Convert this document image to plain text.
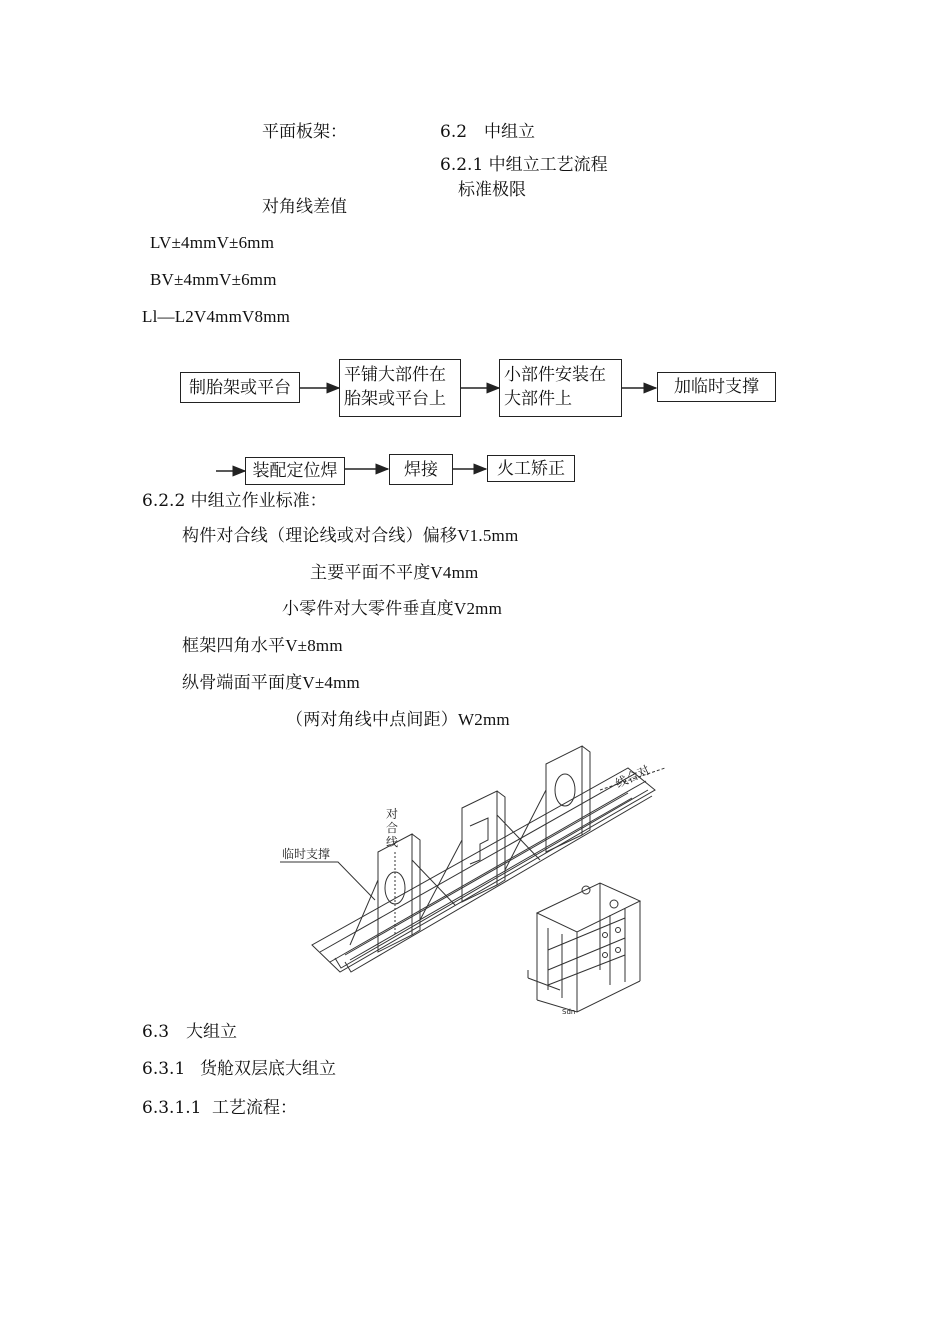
平面板架：	6.2 中组立
6.2.1 中组立工艺流程
标准极限
对角线差值
LV±4mmV±6mm
BV±4mmV±6mm
Ll—L2V4mmV8mm
制胎架或平台
平铺大部件在
胎架或平台上
小部件安装在
大部件上
加临时支撑
装配定位焊	焊接	火工矫正
6.2.2 中组立作业标准：
构件对合线（理论线或对合线）偏移V1.5mm
主要平面不平度V4mm
小零件对大零件垂直度V2mm
框架四角水平V±8mm
纵骨端面平面度V±4mm
（两对角线中点间距）W2mm
临时支撑
对
合
线
线合对
Sdn
6.3 大组立
6.3.1 货舱双层底大组立
6.3.1.1 工艺流程：
